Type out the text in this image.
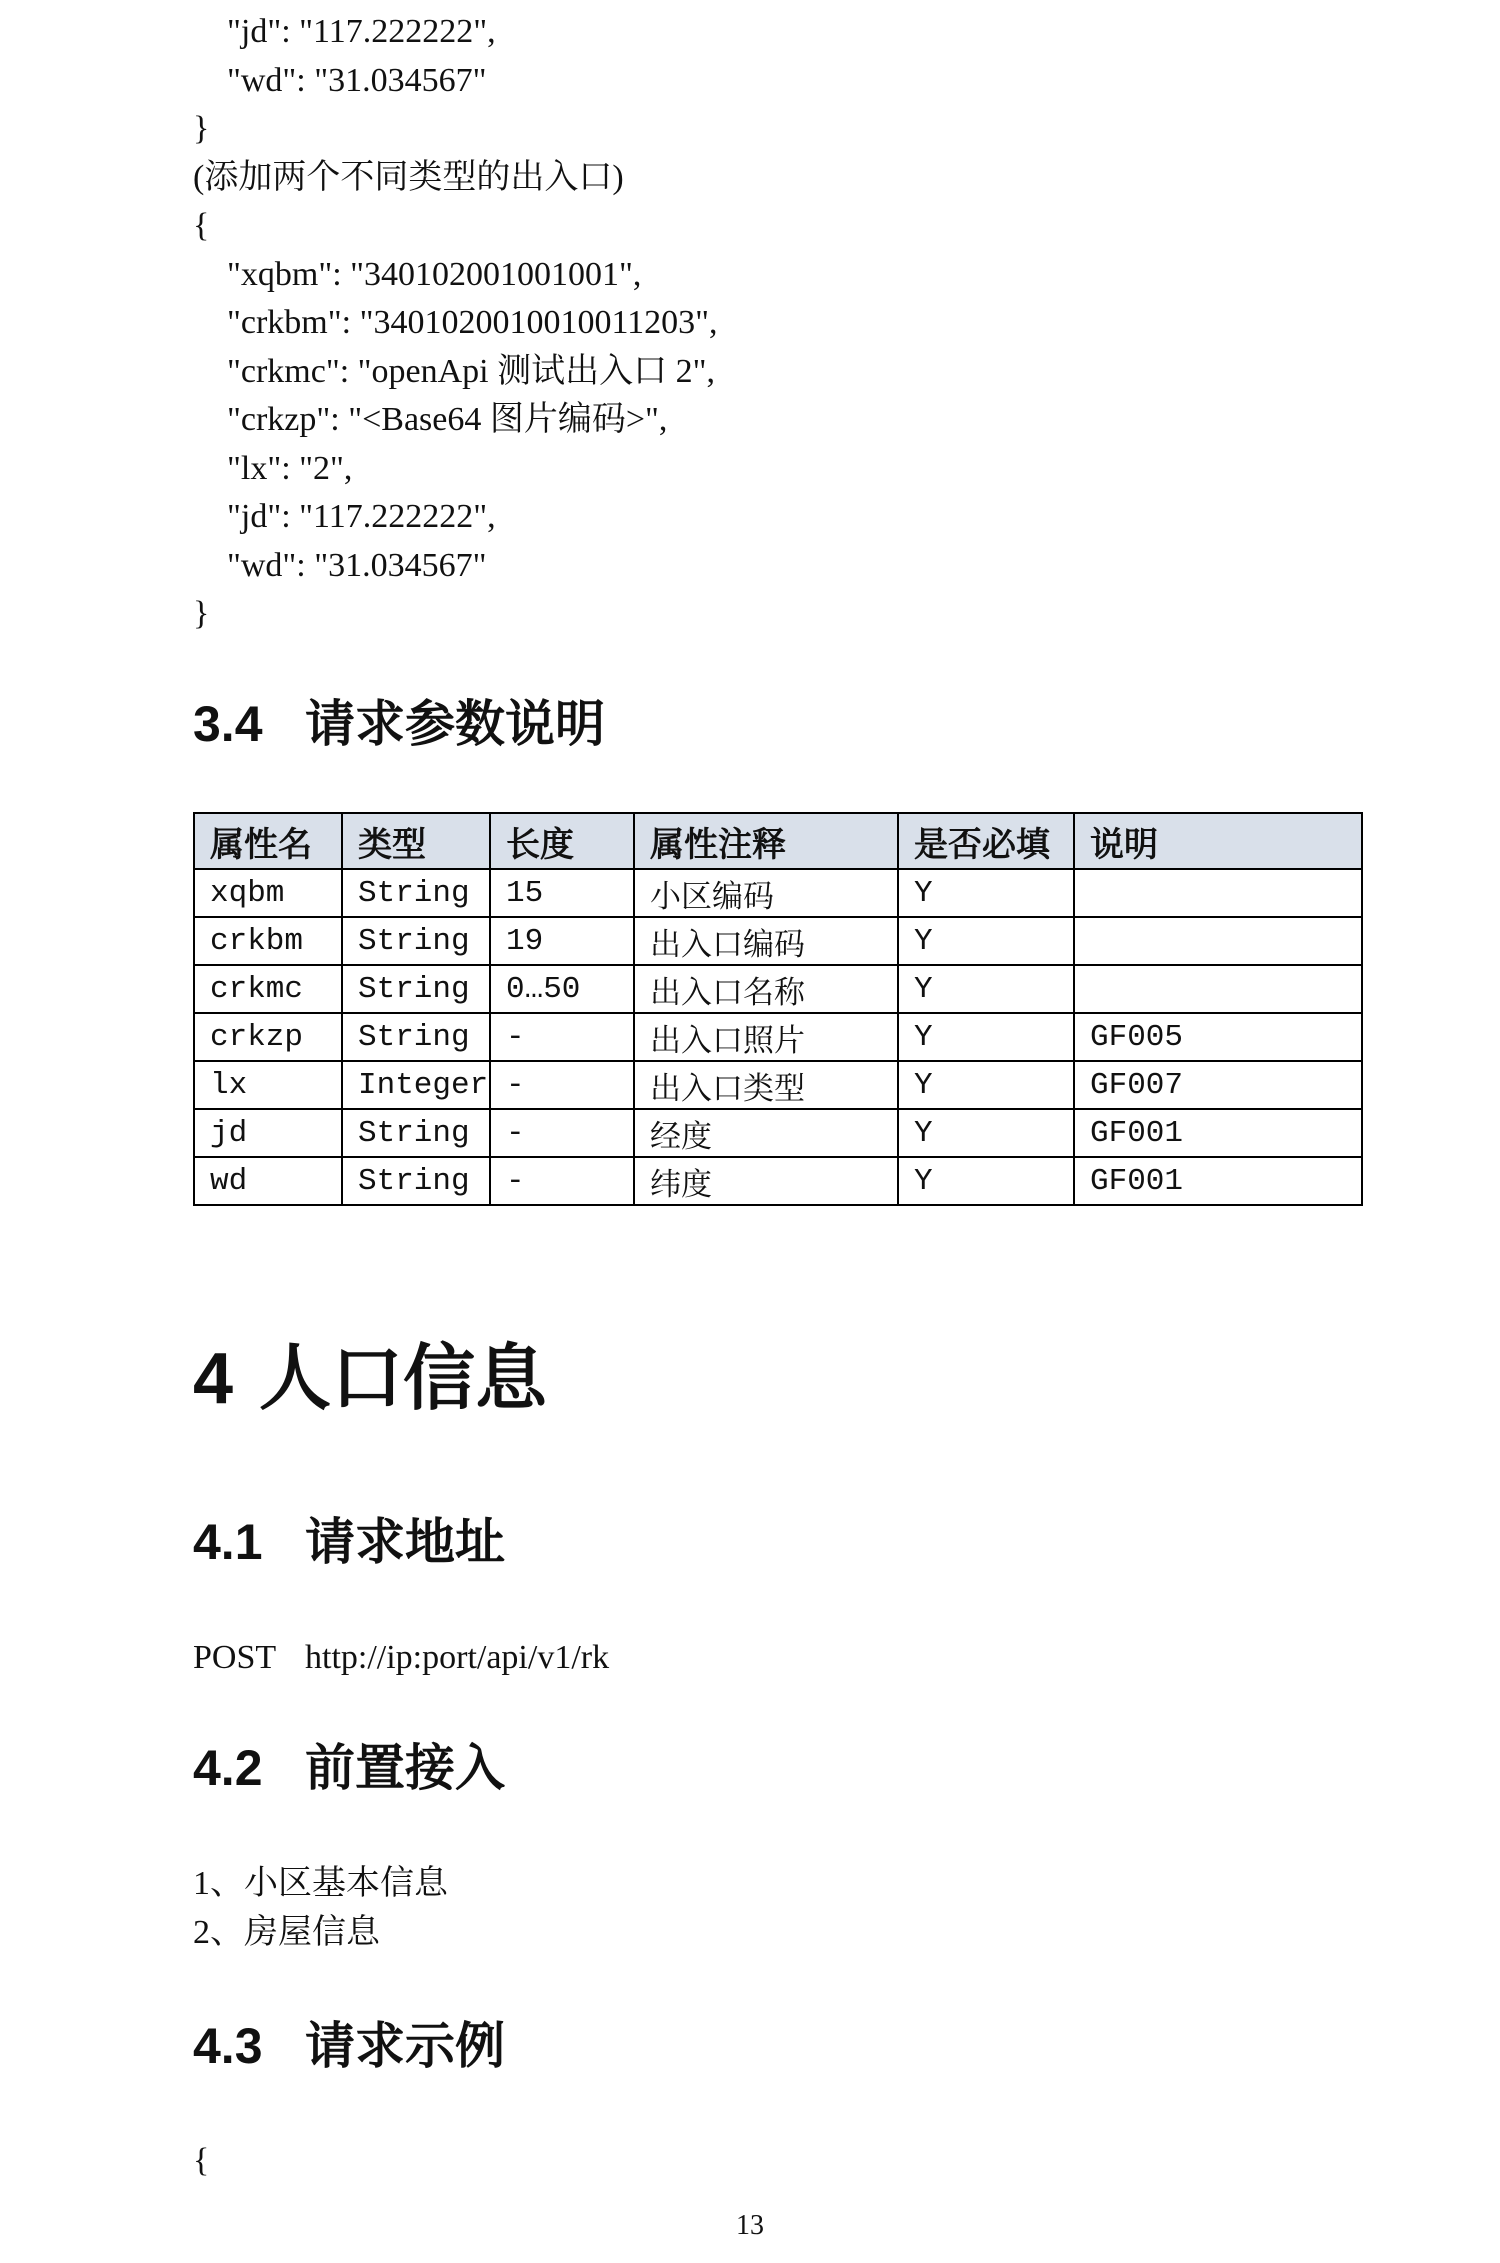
"jd": "117.222222",
"wd": "31.034567"
}
(添加两个不同类型的出入口)
{
"xqbm": "340102001001001",
"crkbm": "3401020010010011203",
"crkmc": "openApi 测试出入口 2",
"crkzp": "<Base64 图片编码>",
"lx": "2",
"jd": "117.222222",
"wd": "31.034567"
}
3.4 请求参数说明
属性名	类型	长度	属性注释	是否必填	说明
xqbm	String	15	小区编码	Y	
crkbm	String	19	出入口编码	Y	
crkmc	String	0…50	出入口名称	Y	
crkzp	String	-	出入口照片	Y	GF005
lx	Integer	-	出入口类型	Y	GF007
jd	String	-	经度	Y	GF001
wd	String	-	纬度	Y	GF001
4 人口信息
4.1 请求地址
POST http://ip:port/api/v1/rk
4.2 前置接入
1、小区基本信息
2、房屋信息
4.3 请求示例
{
13
